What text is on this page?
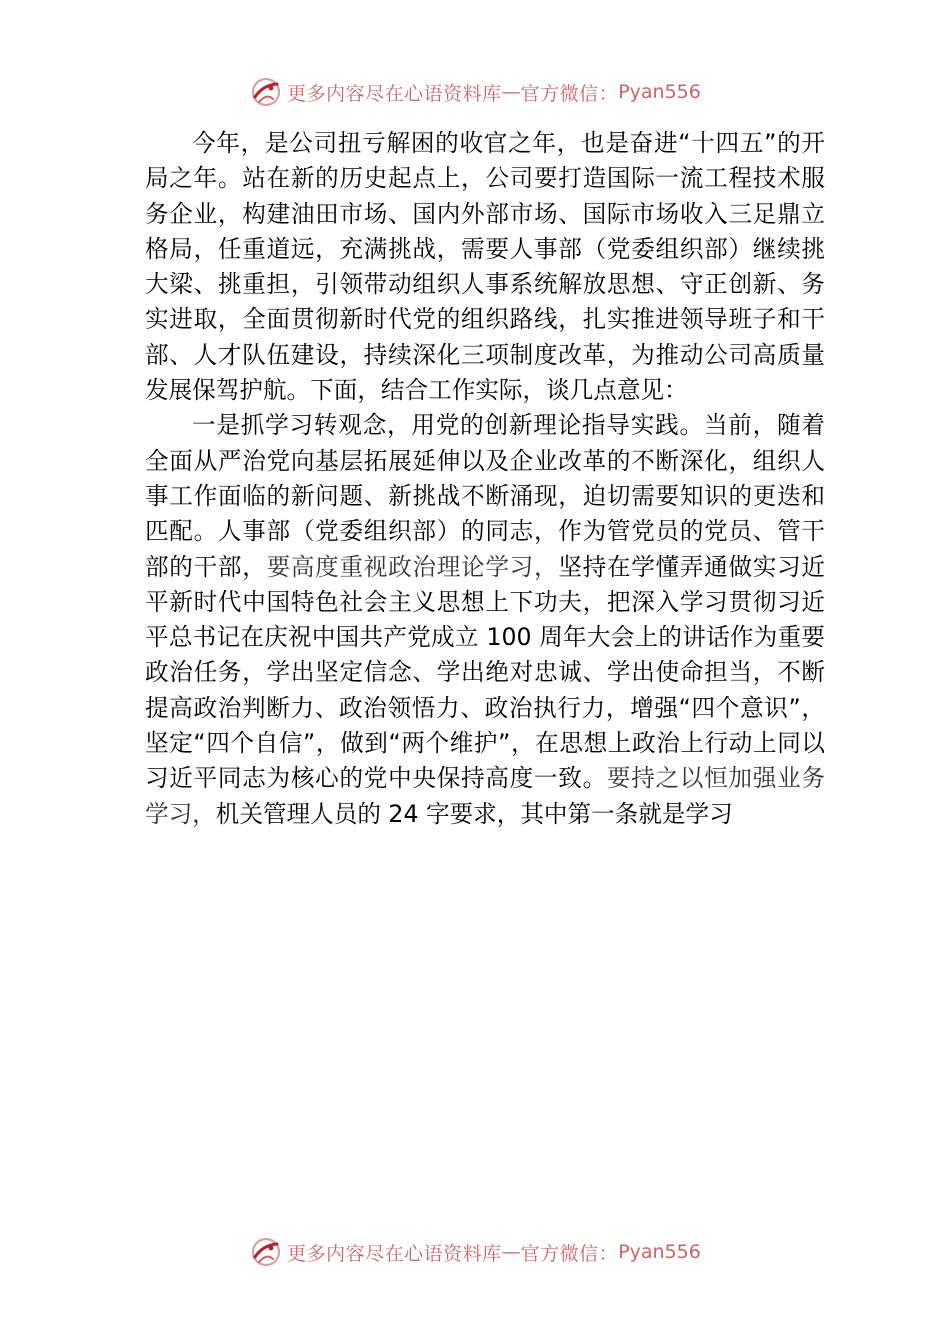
更多内容尽在心语资料库 — 官方微信： Pyan556

今年，是公司扭亏解困的收官之年，也是奋进“十四五”的开局之年。站在新的历史起点上，公司要打造国际一流工程技术服务企业，构建油田市场、国内外部市场、国际市场收入三足鼎立格局，任重道远，充满挑战，需要人事部（党委组织部）继续挑大梁、挑重担，引领带动组织人事系统解放思想、守正创新、务实进取，全面贯彻新时代党的组织路线，扎实推进领导班子和干部、人才队伍建设，持续深化三项制度改革，为推动公司高质量发展保驾护航。下面，结合工作实际，谈几点意见：

一是抓学习转观念，用党的创新理论指导实践。当前，随着全面从严治党向基层拓展延伸以及企业改革的不断深化，组织人事工作面临的新问题、新挑战不断涌现，迫切需要知识的更迭和匹配。人事部（党委组织部）的同志，作为管党员的党员、管干部的干部，要高度重视政治理论学习，坚持在学懂弄通做实习近平新时代中国特色社会主义思想上下功夫，把深入学习贯彻习近平总书记在庆祝中国共产党成立 100 周年大会上的讲话作为重要政治任务，学出坚定信念、学出绝对忠诚、学出使命担当，不断提高政治判断力、政治领悟力、政治执行力，增强“四个意识”，坚定“四个自信”，做到“两个维护”，在思想上政治上行动上同以习近平同志为核心的党中央保持高度一致。要持之以恒加强业务学习，机关管理人员的 24 字要求，其中第一条就是学习

更多内容尽在心语资料库 — 官方微信： Pyan556
